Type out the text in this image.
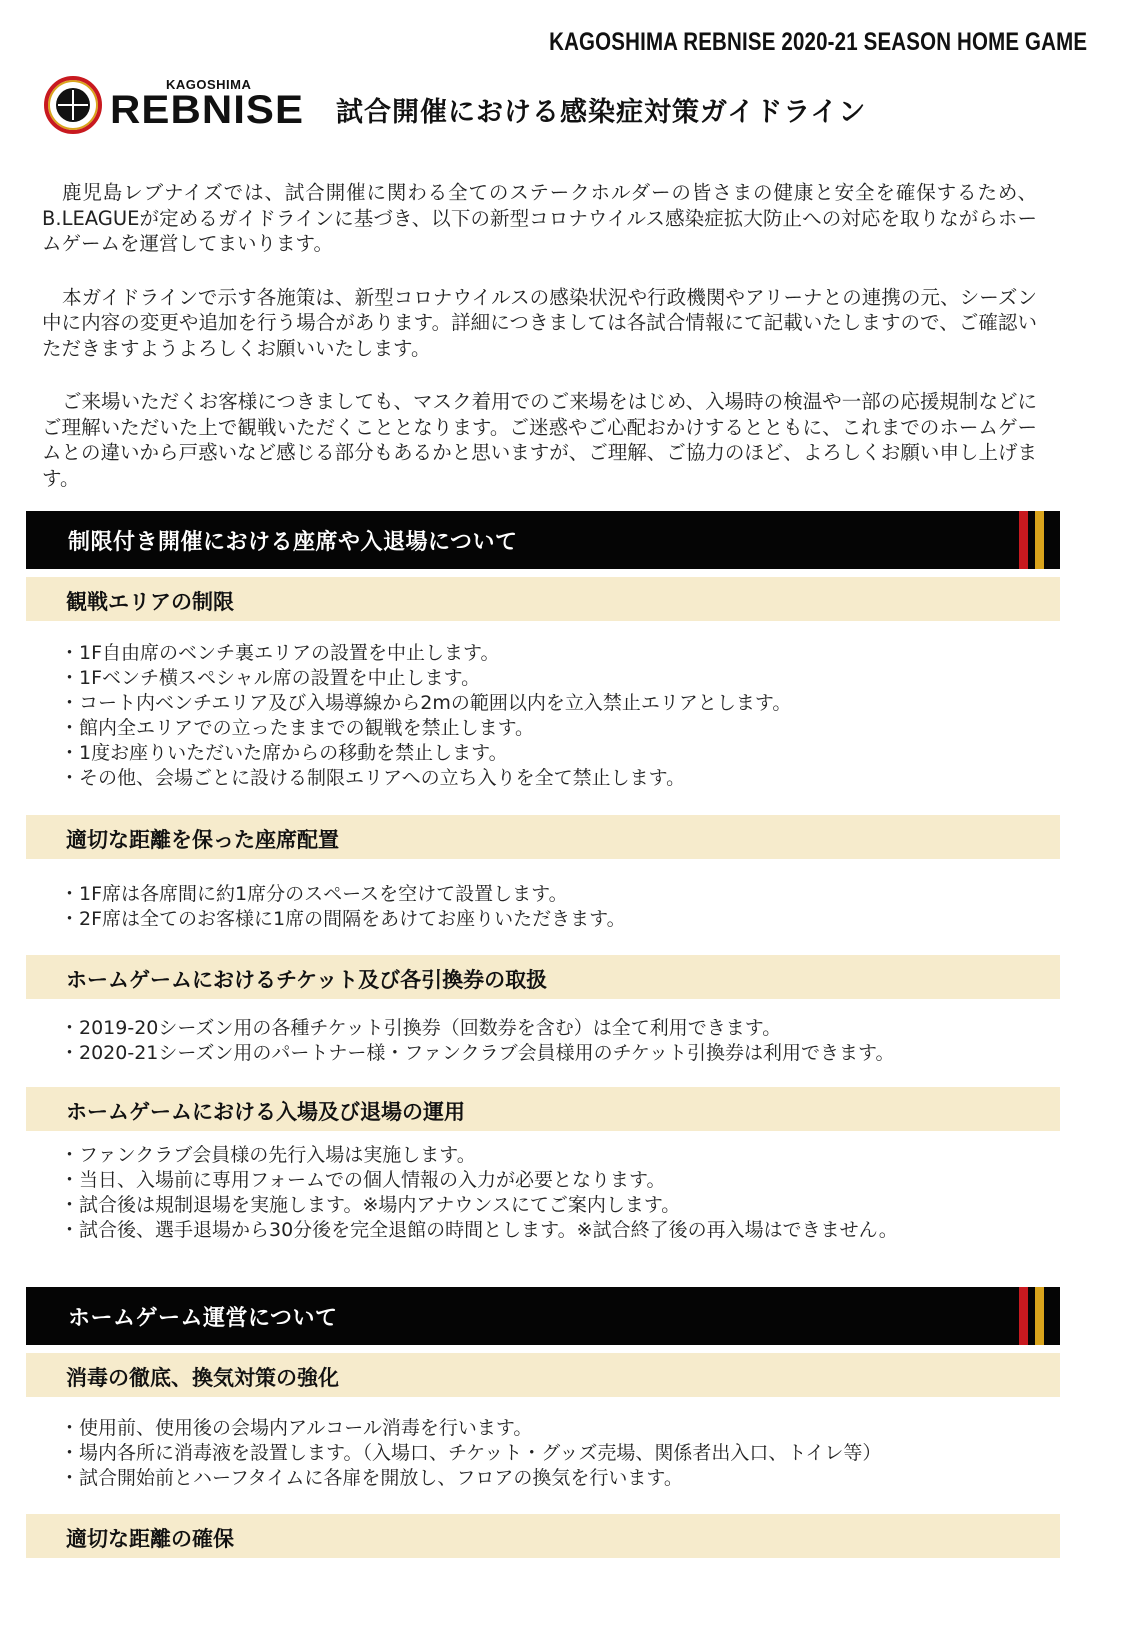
KAGOSHIMA REBNISE 2020-21 SEASON HOME GAME
KAGOSHIMA
REBNISE 試合開催における感染症対策ガイドライン

鹿児島レブナイズでは、試合開催に関わる全てのステークホルダーの皆さまの健康と安全を確保するため、B.LEAGUEが定めるガイドラインに基づき、以下の新型コロナウイルス感染症拡大防止への対応を取りながらホームゲームを運営してまいります。

本ガイドラインで示す各施策は、新型コロナウイルスの感染状況や行政機関やアリーナとの連携の元、シーズン中に内容の変更や追加を行う場合があります。詳細につきましては各試合情報にて記載いたしますので、ご確認いただきますようよろしくお願いいたします。

ご来場いただくお客様につきましても、マスク着用でのご来場をはじめ、入場時の検温や一部の応援規制などにご理解いただいた上で観戦いただくこととなります。ご迷惑やご心配おかけするとともに、これまでのホームゲームとの違いから戸惑いなど感じる部分もあるかと思いますが、ご理解、ご協力のほど、よろしくお願い申し上げます。

制限付き開催における座席や入退場について
観戦エリアの制限
・1F自由席のベンチ裏エリアの設置を中止します。
・1Fベンチ横スペシャル席の設置を中止します。
・コート内ベンチエリア及び入場導線から2mの範囲以内を立入禁止エリアとします。
・館内全エリアでの立ったままでの観戦を禁止します。
・1度お座りいただいた席からの移動を禁止します。
・その他、会場ごとに設ける制限エリアへの立ち入りを全て禁止します。
適切な距離を保った座席配置
・1F席は各席間に約1席分のスペースを空けて設置します。
・2F席は全てのお客様に1席の間隔をあけてお座りいただきます。
ホームゲームにおけるチケット及び各引換券の取扱
・2019-20シーズン用の各種チケット引換券（回数券を含む）は全て利用できます。
・2020-21シーズン用のパートナー様・ファンクラブ会員様用のチケット引換券は利用できます。
ホームゲームにおける入場及び退場の運用
・ファンクラブ会員様の先行入場は実施します。
・当日、入場前に専用フォームでの個人情報の入力が必要となります。
・試合後は規制退場を実施します。※場内アナウンスにてご案内します。
・試合後、選手退場から30分後を完全退館の時間とします。※試合終了後の再入場はできません。
ホームゲーム運営について
消毒の徹底、換気対策の強化
・使用前、使用後の会場内アルコール消毒を行います。
・場内各所に消毒液を設置します。（入場口、チケット・グッズ売場、関係者出入口、トイレ等）
・試合開始前とハーフタイムに各扉を開放し、フロアの換気を行います。
適切な距離の確保
